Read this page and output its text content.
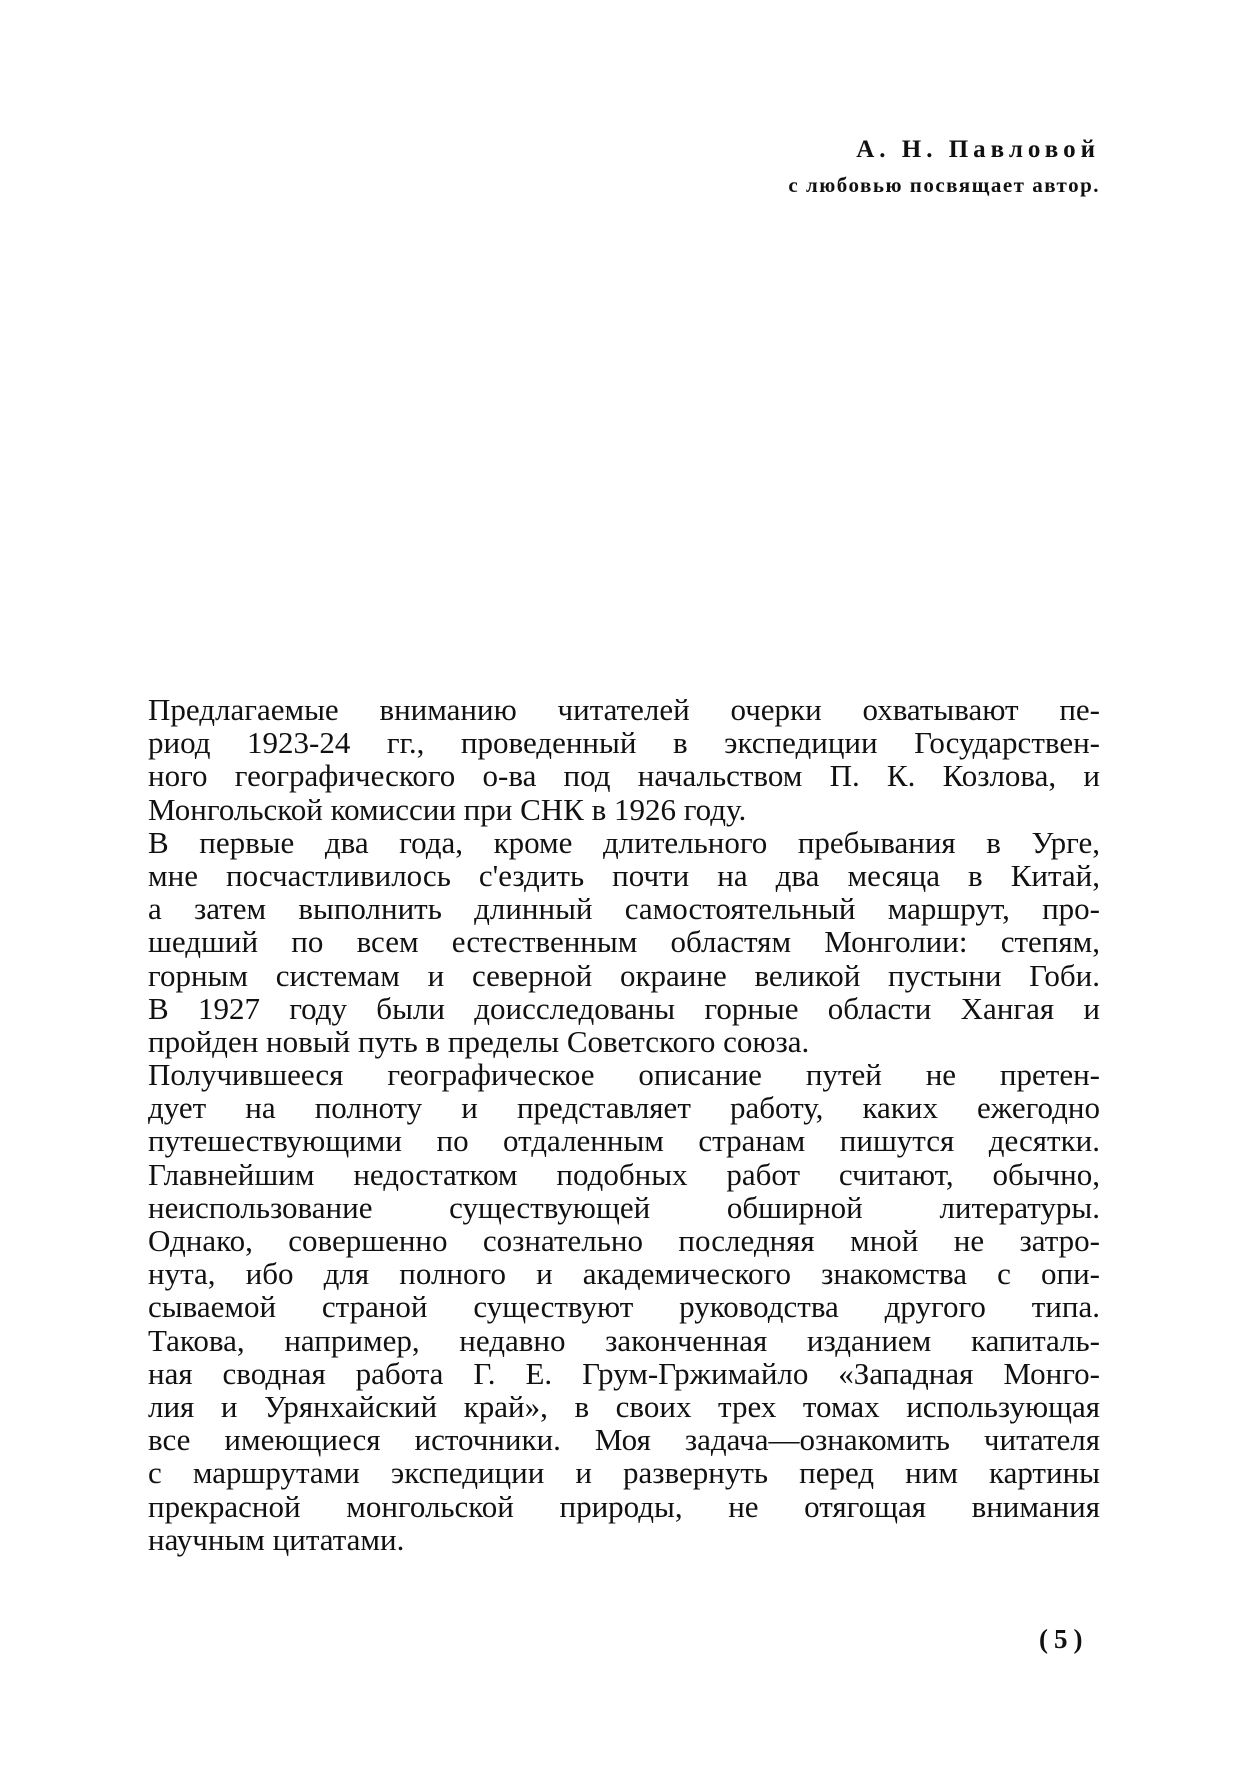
А. Н. Павловой
с любовью посвящает автор.
Предлагаемые вниманию читателей очерки охватывают пе-
риод 1923-24 гг., проведенный в экспедиции Государствен-
ного географического о-ва под начальством П. К. Козлова, и
Монгольской комиссии при СНК в 1926 году.
В первые два года, кроме длительного пребывания в Урге,
мне посчастливилось с'ездить почти на два месяца в Китай,
а затем выполнить длинный самостоятельный маршрут, про-
шедший по всем естественным областям Монголии: степям,
горным системам и северной окраине великой пустыни Гоби.
В 1927 году были доисследованы горные области Хангая и
пройден новый путь в пределы Советского союза.
Получившееся географическое описание путей не претен-
дует на полноту и представляет работу, каких ежегодно
путешествующими по отдаленным странам пишутся десятки.
Главнейшим недостатком подобных работ считают, обычно,
неиспользование существующей обширной литературы.
Однако, совершенно сознательно последняя мной не затро-
нута, ибо для полного и академического знакомства с опи-
сываемой страной существуют руководства другого типа.
Такова, например, недавно законченная изданием капиталь-
ная сводная работа Г. Е. Грум-Гржимайло «Западная Монго-
лия и Урянхайский край», в своих трех томах использующая
все имеющиеся источники. Моя задача—ознакомить читателя
с маршрутами экспедиции и развернуть перед ним картины
прекрасной монгольской природы, не отягощая внимания
научным цитатами.
(5)
